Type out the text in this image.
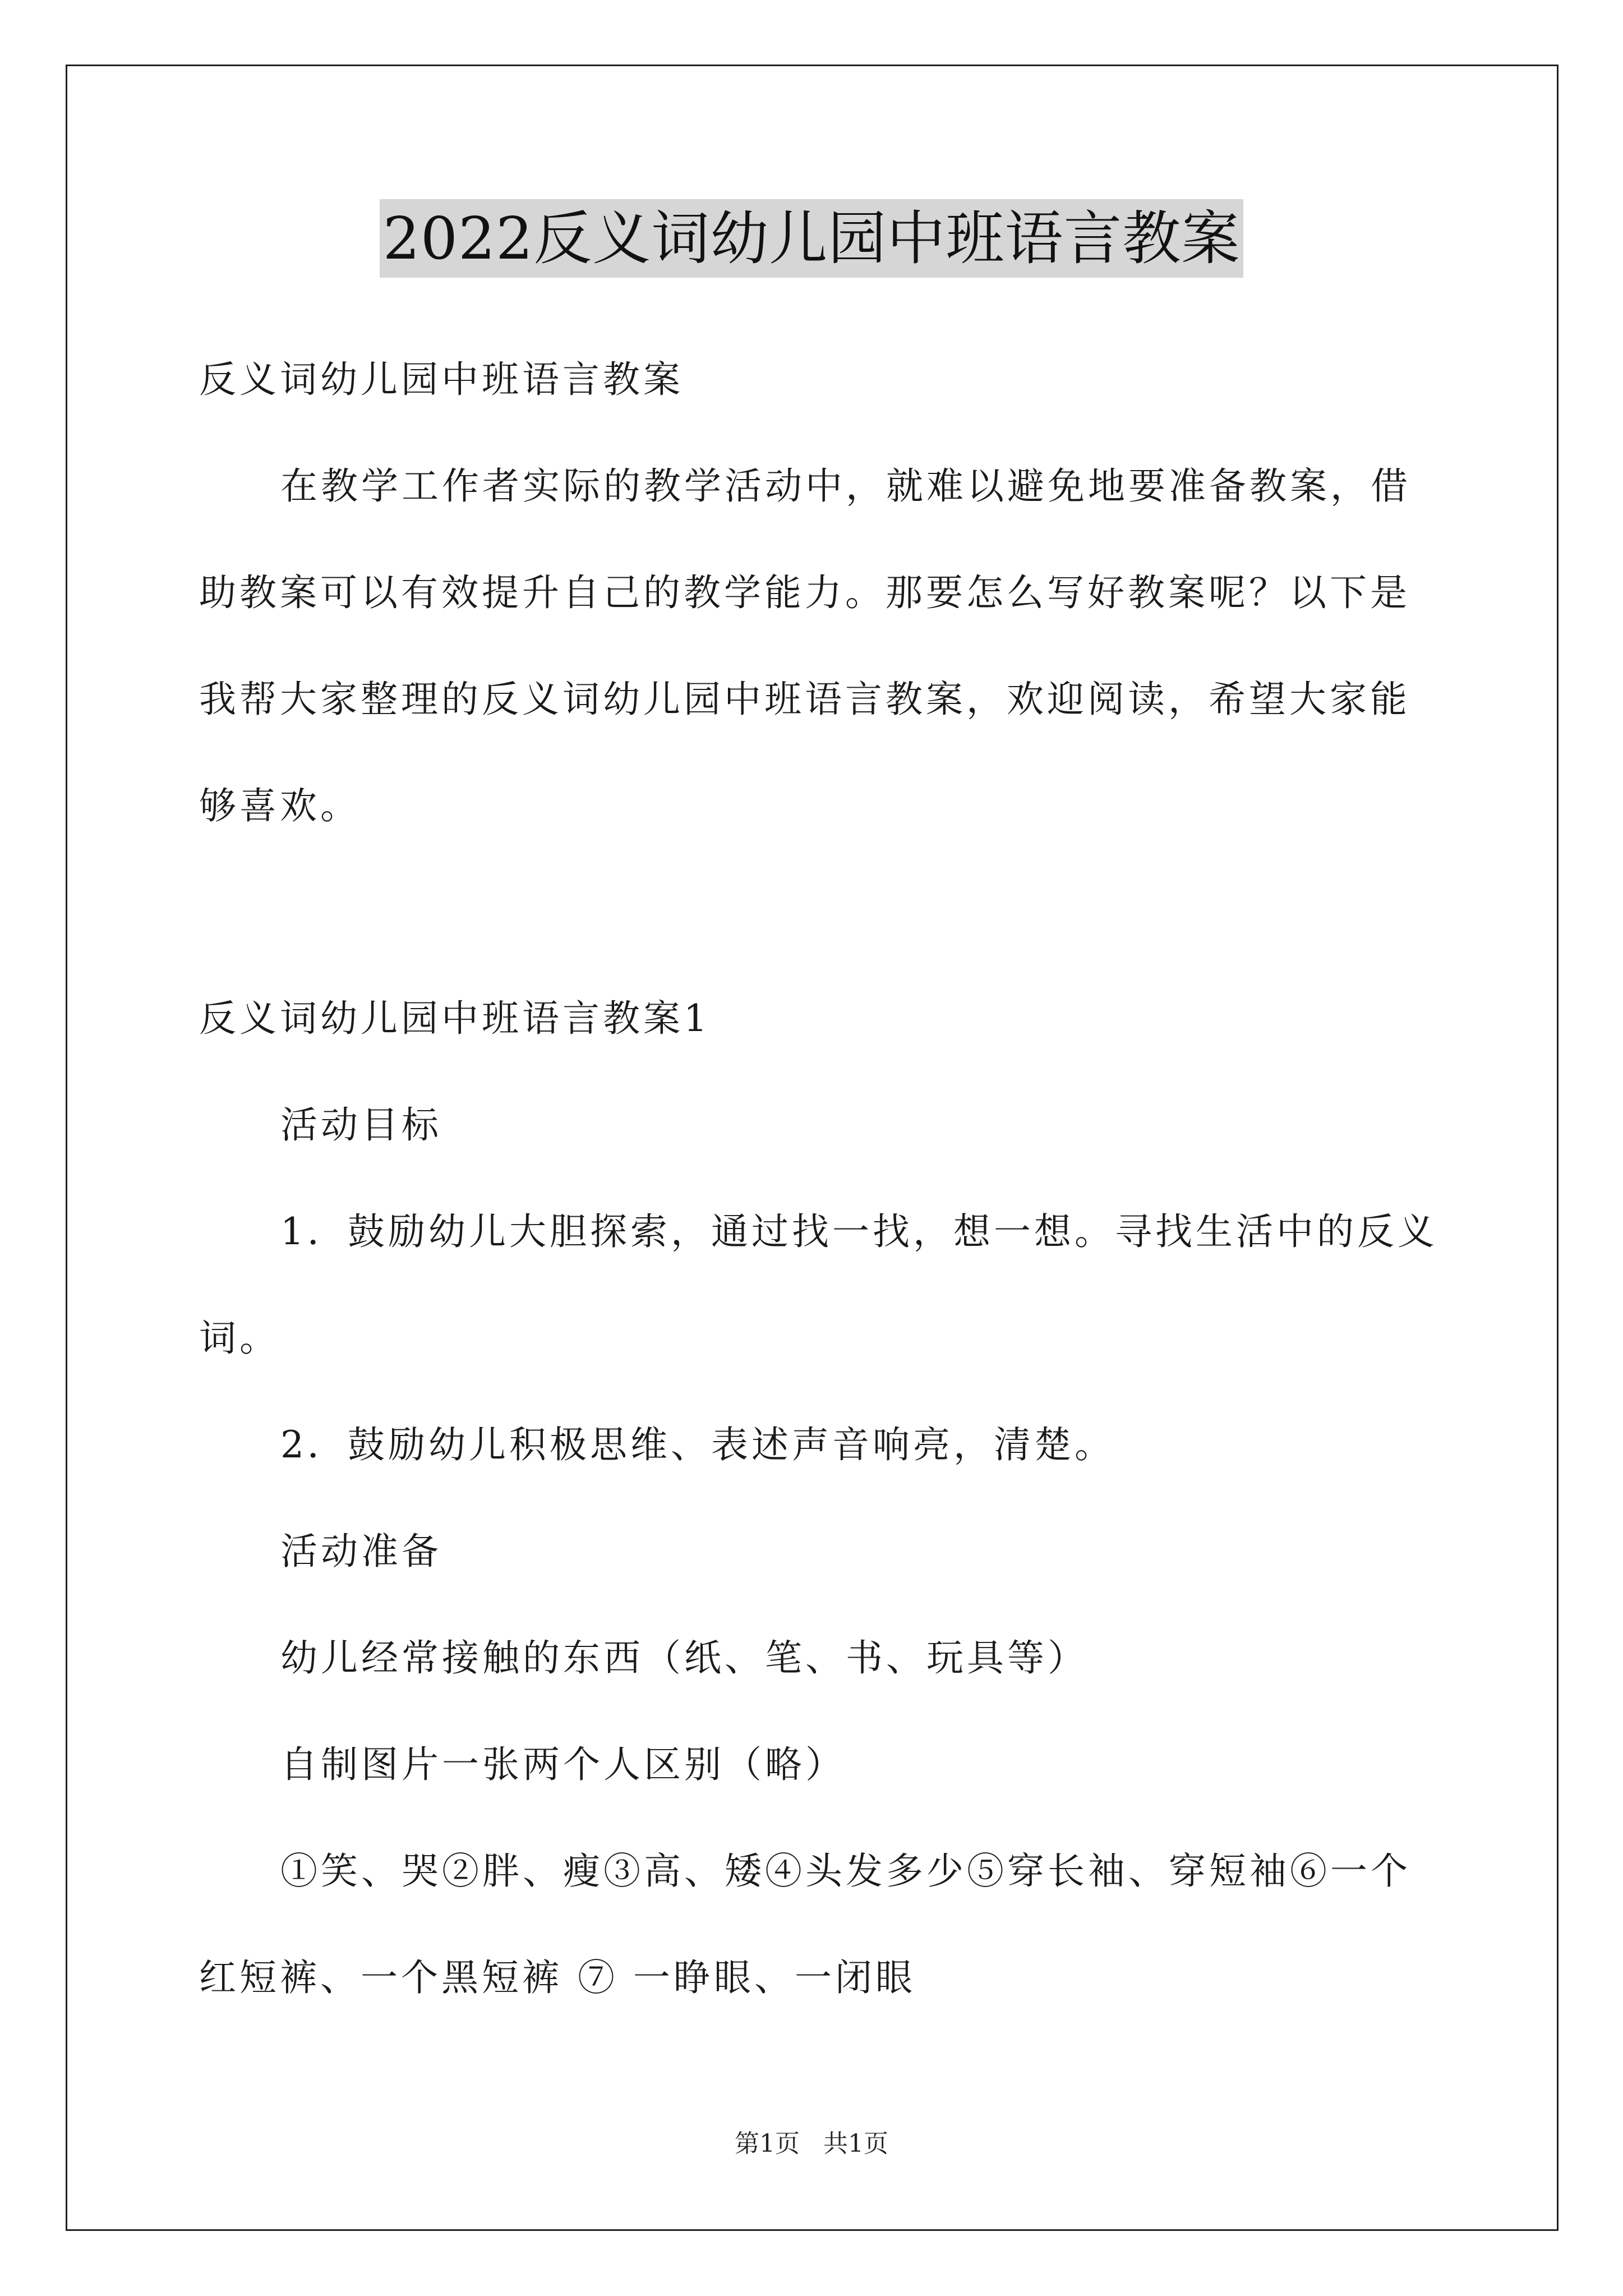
2022反义词幼儿园中班语言教案
反义词幼儿园中班语言教案
在教学工作者实际的教学活动中，就难以避免地要准备教案，借
助教案可以有效提升自己的教学能力。那要怎么写好教案呢？以下是
我帮大家整理的反义词幼儿园中班语言教案，欢迎阅读，希望大家能
够喜欢。
反义词幼儿园中班语言教案1
活动目标
1．鼓励幼儿大胆探索，通过找一找，想一想。寻找生活中的反义
词。
2．鼓励幼儿积极思维、表述声音响亮，清楚。
活动准备
幼儿经常接触的东西（纸、笔、书、玩具等）
自制图片一张两个人区别（略）
①笑、哭②胖、瘦③高、矮④头发多少⑤穿长袖、穿短袖⑥一个
红短裤、一个黑短裤 ⑦ 一睁眼、一闭眼
第1页 共1页
